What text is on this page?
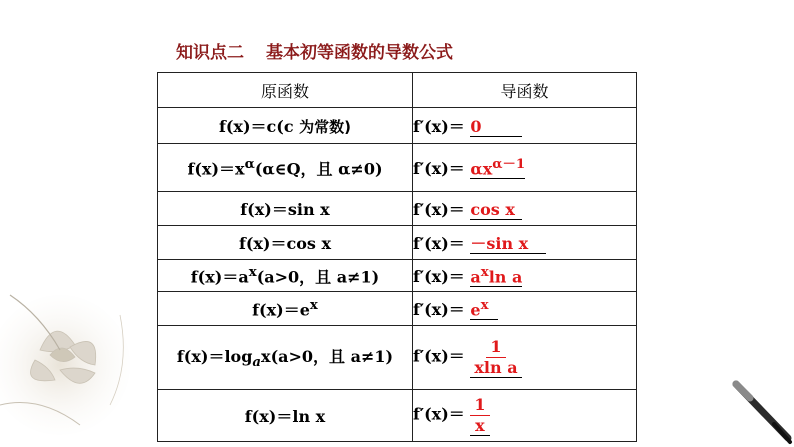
知识点二 基本初等函数的导数公式
原函数	导函数
f(x)＝c(c 为常数)	f′(x)＝ 0
$f(x)=x^\alpha(\alpha\in Q$，且 α≠0)	$f'(x)= \alpha x^{\alpha-1}$
f(x)＝sin x	f′(x)＝ cos x
f(x)＝cos x	f′(x)＝ －sin x
$f(x)=a^x(a>0$，且 a≠1)	$f'(x)= a^x\ln$ a
$f(x)=e^x$	$f'(x)= e^x$
$f(x)=\log_ax(a>0$，且 a≠1)	$f'(x)= \frac{1}{\text{xln a}}$

f(x)＝ln x	$f'(x)= \frac{1}{x}$
